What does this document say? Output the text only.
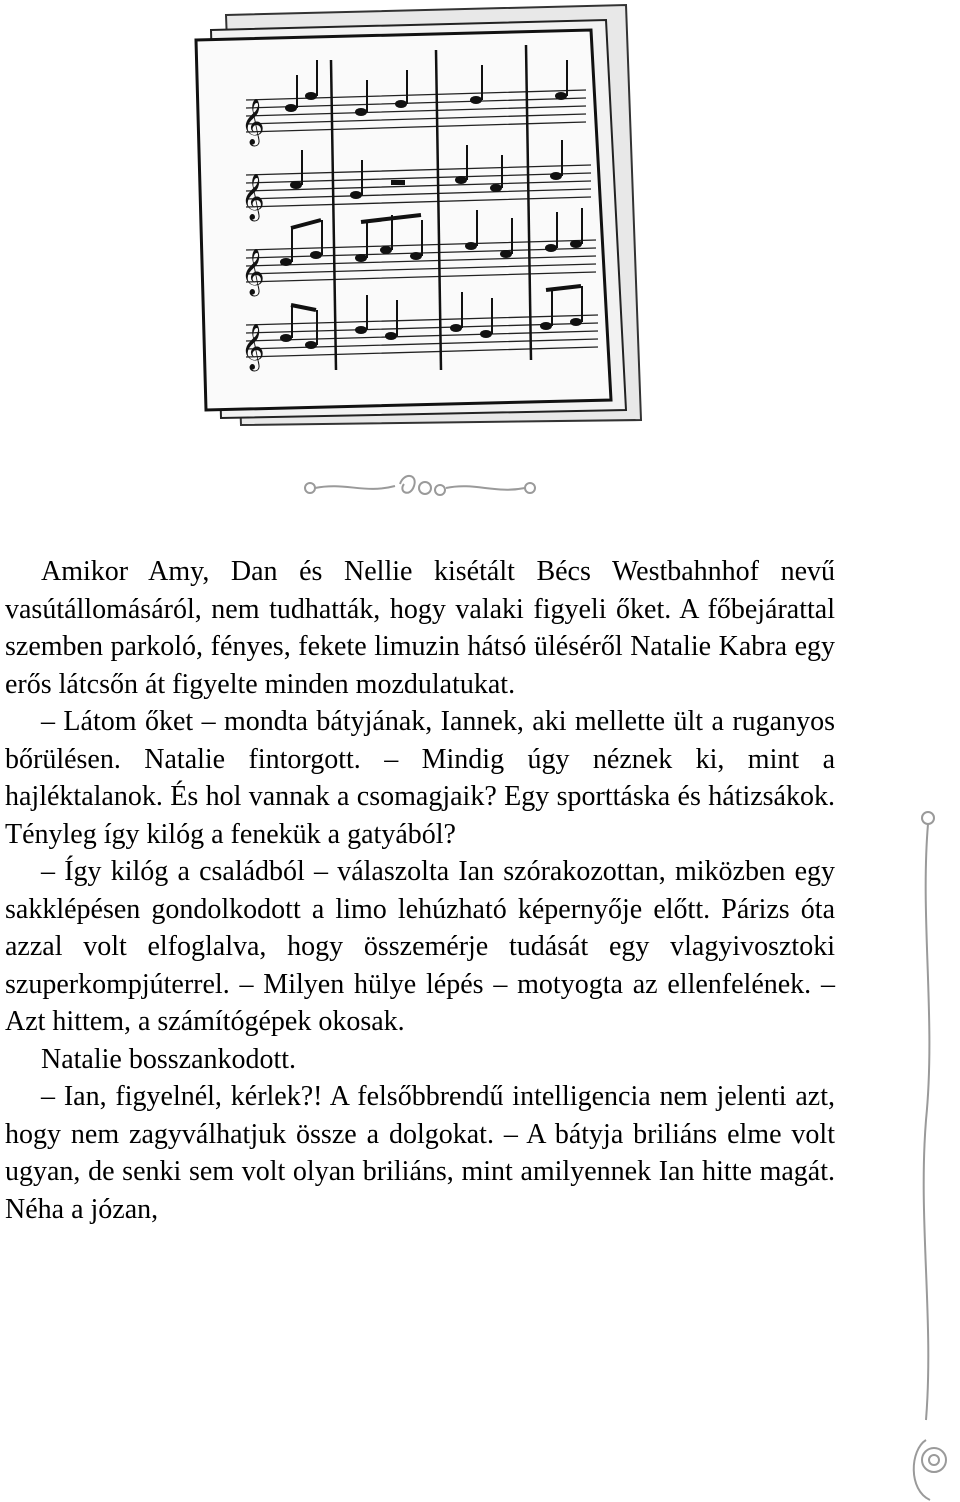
𝄞
𝄞
𝄞
𝄞

Amikor Amy, Dan és Nellie kisétált Bécs Westbahnhof nevű vasútállomásáról, nem tudhatták, hogy valaki figyeli őket. A főbejárattal szemben parkoló, fényes, fekete limuzin hátsó üléséről Natalie Kabra egy erős látcsőn át figyelte minden mozdulatukat.

– Látom őket – mondta bátyjának, Iannek, aki mellette ült a ruganyos bőrülésen. Natalie fintorgott. – Mindig úgy néznek ki, mint a hajléktalanok. És hol vannak a csomagjaik? Egy sporttáska és hátizsákok. Tényleg így kilóg a fenekük a gatyából?

– Így kilóg a családból – válaszolta Ian szórakozottan, miközben egy sakklépésen gondolkodott a limo lehúzható képernyője előtt. Párizs óta azzal volt elfoglalva, hogy összemérje tudását egy vlagyivosztoki szuperkompjúterrel. – Milyen hülye lépés – motyogta az ellenfelének. – Azt hittem, a számítógépek okosak.

Natalie bosszankodott.

– Ian, figyelnél, kérlek?! A felsőbbrendű intelligencia nem jelenti azt, hogy nem zagyválhatjuk össze a dolgokat. – A bátyja briliáns elme volt ugyan, de senki sem volt olyan briliáns, mint amilyennek Ian hitte magát. Néha a józan,
